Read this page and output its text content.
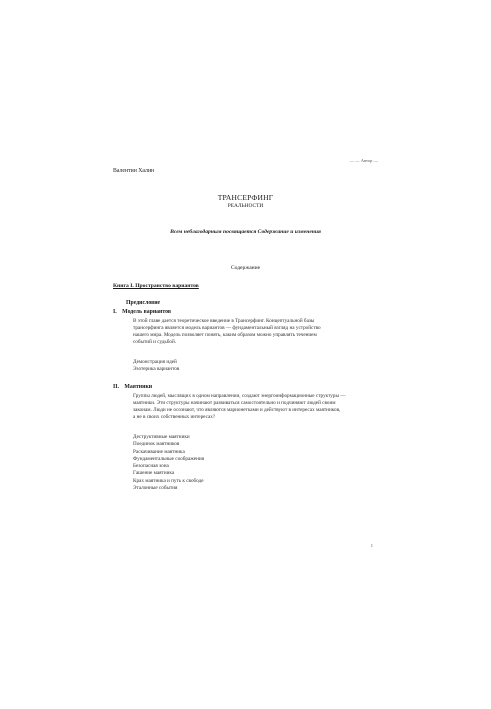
— — Автор —
Валентин Халин
ТРАНСЕРФИНГ
РЕАЛЬНОСТИ
Всем неблагодарным посвящается Содержание и изменения
Содержание
Книга I. Пространство вариантов
Предисловие
I. Модель вариантов
В этой главе дается теоретическое введение в Трансерфинг. Концептуальной базы
трансерфинга является модель вариантов — фундаментальный взгляд на устройство
нашего мира. Модель позволяет понять, каким образом можно управлять течением
событий и судьбой.
Демонстрация идей
Эзотерика вариантов
II. Маятники
Группы людей, мыслящих в одном направлении, создают энергоинформационные структуры —
маятники. Эти структуры начинают развиваться самостоятельно и подчиняют людей своим
законам. Люди не осознают, что являются марионетками и действуют в интересах маятников,
а не в своих собственных интересах?
Деструктивные маятники
Поединок маятников
Раскачивание маятника
Фундаментальные соображения
Безопасная зона
Гашение маятника
Крах маятника и путь к свободе
Эталонные события
1
